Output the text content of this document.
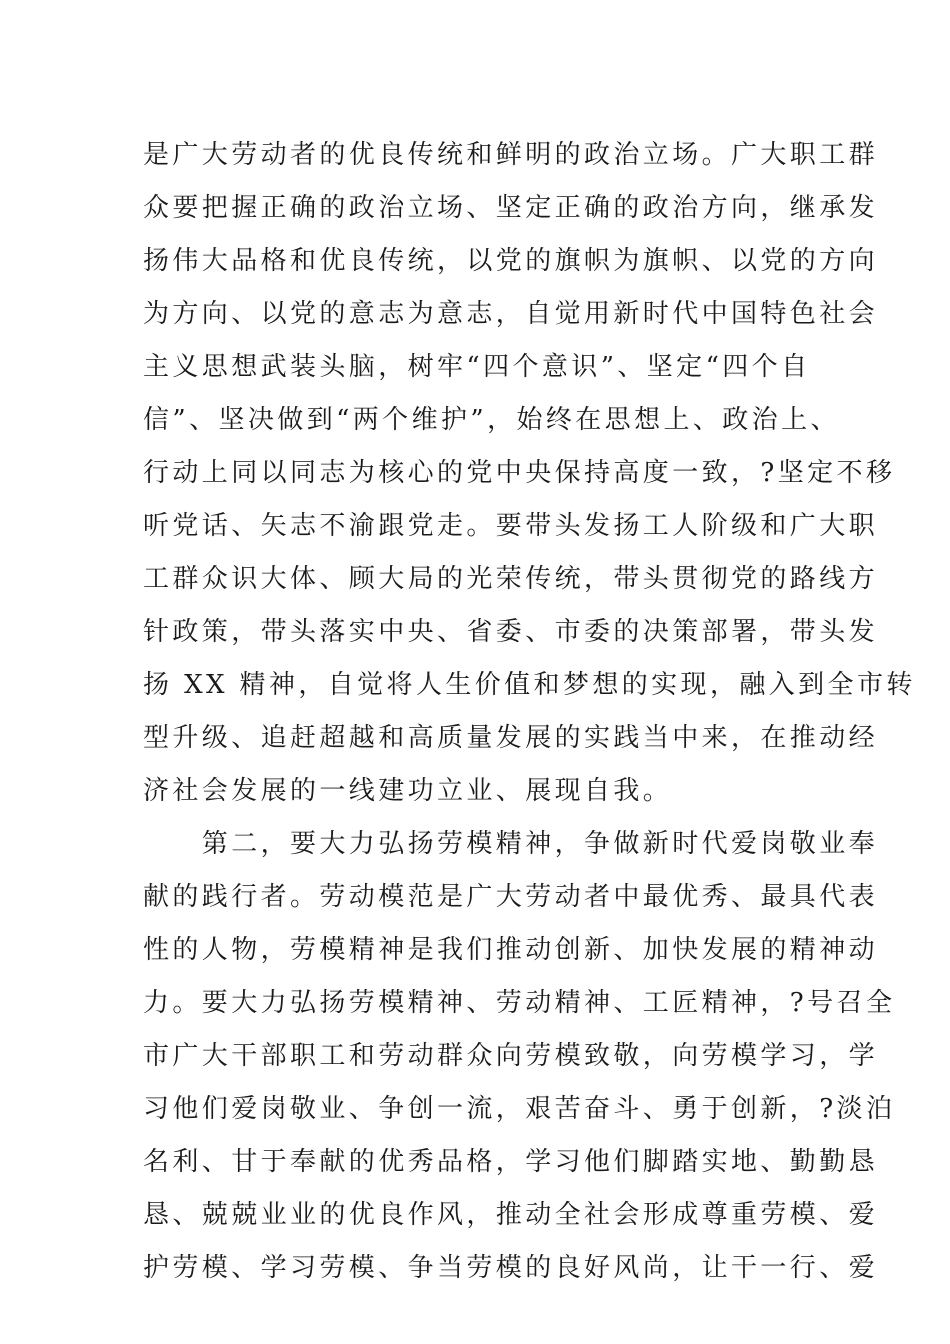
是广大劳动者的优良传统和鲜明的政治立场。广大职工群
众要把握正确的政治立场、坚定正确的政治方向，继承发
扬伟大品格和优良传统，以党的旗帜为旗帜、以党的方向
为方向、以党的意志为意志，自觉用新时代中国特色社会
主义思想武装头脑，树牢“四个意识”、坚定“四个自
信”、坚决做到“两个维护”，始终在思想上、政治上、
行动上同以同志为核心的党中央保持高度一致，?坚定不移
听党话、矢志不渝跟党走。要带头发扬工人阶级和广大职
工群众识大体、顾大局的光荣传统，带头贯彻党的路线方
针政策，带头落实中央、省委、市委的决策部署，带头发
扬 XX 精神，自觉将人生价值和梦想的实现，融入到全市转
型升级、追赶超越和高质量发展的实践当中来，在推动经
济社会发展的一线建功立业、展现自我。
　　第二，要大力弘扬劳模精神，争做新时代爱岗敬业奉
献的践行者。劳动模范是广大劳动者中最优秀、最具代表
性的人物，劳模精神是我们推动创新、加快发展的精神动
力。要大力弘扬劳模精神、劳动精神、工匠精神，?号召全
市广大干部职工和劳动群众向劳模致敬，向劳模学习，学
习他们爱岗敬业、争创一流，艰苦奋斗、勇于创新，?淡泊
名利、甘于奉献的优秀品格，学习他们脚踏实地、勤勤恳
恳、兢兢业业的优良作风，推动全社会形成尊重劳模、爱
护劳模、学习劳模、争当劳模的良好风尚，让干一行、爱
